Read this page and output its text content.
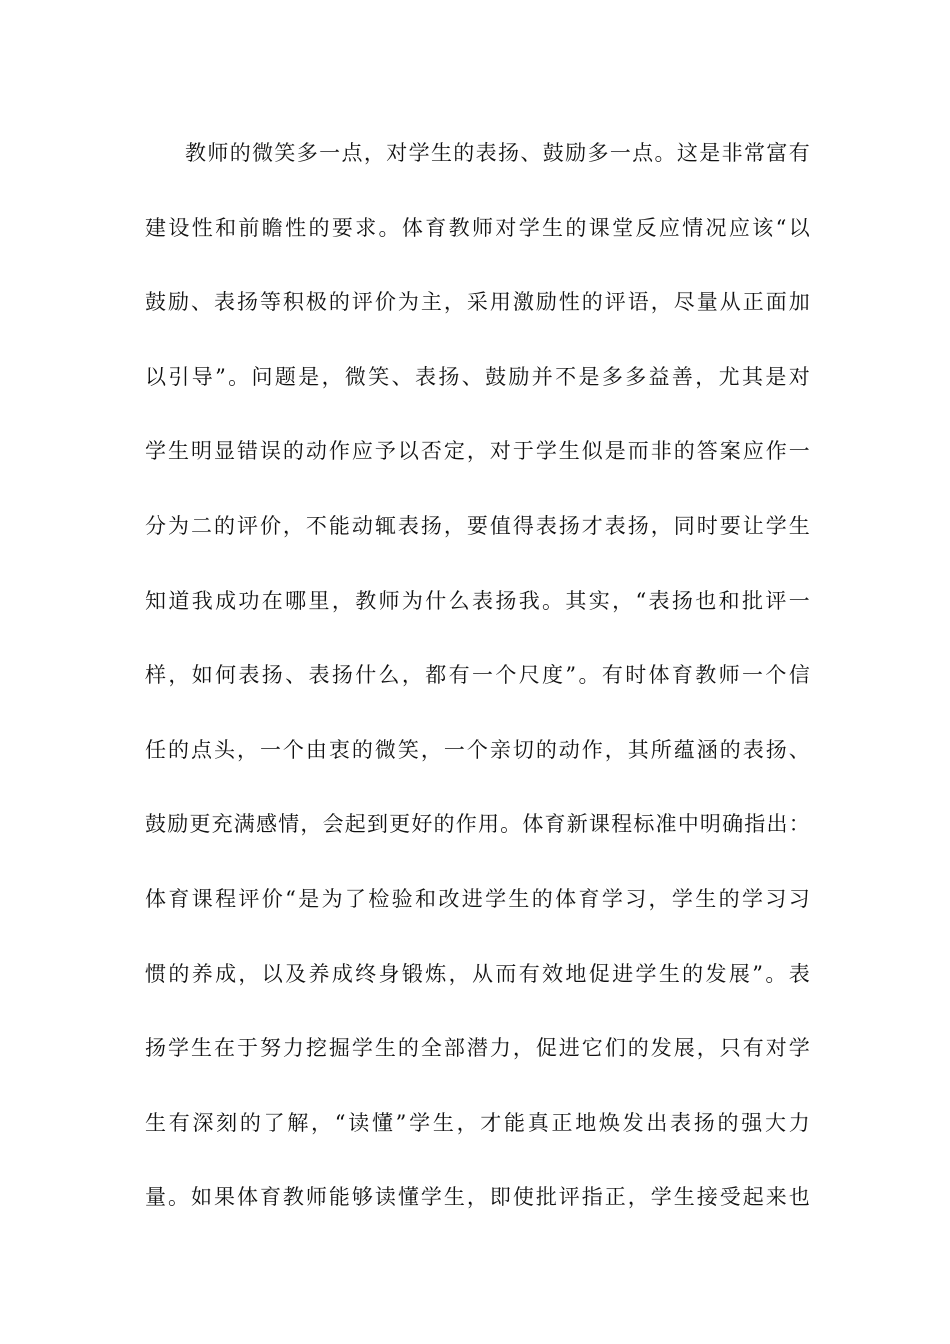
教师的微笑多一点，对学生的表扬、鼓励多一点。这是非常富有
建设性和前瞻性的要求。体育教师对学生的课堂反应情况应该“以
鼓励、表扬等积极的评价为主，采用激励性的评语，尽量从正面加
以引导”。问题是，微笑、表扬、鼓励并不是多多益善，尤其是对
学生明显错误的动作应予以否定，对于学生似是而非的答案应作一
分为二的评价，不能动辄表扬，要值得表扬才表扬，同时要让学生
知道我成功在哪里，教师为什么表扬我。其实，“表扬也和批评一
样，如何表扬、表扬什么，都有一个尺度”。有时体育教师一个信
任的点头，一个由衷的微笑，一个亲切的动作，其所蕴涵的表扬、
鼓励更充满感情，会起到更好的作用。体育新课程标准中明确指出：
体育课程评价“是为了检验和改进学生的体育学习，学生的学习习
惯的养成，以及养成终身锻炼，从而有效地促进学生的发展”。表
扬学生在于努力挖掘学生的全部潜力，促进它们的发展，只有对学
生有深刻的了解，“读懂”学生，才能真正地焕发出表扬的强大力
量。如果体育教师能够读懂学生，即使批评指正，学生接受起来也
